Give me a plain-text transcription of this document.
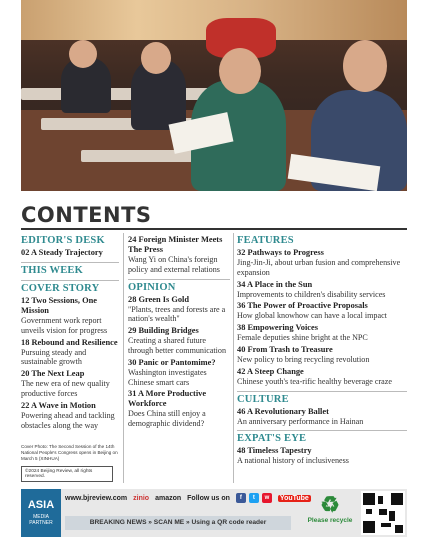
CONTENTS
EDITOR'S DESK
02 A Steady Trajectory
THIS WEEK
COVER STORY
12 Two Sessions, One Mission
Government work report unveils vision for progress
18 Rebound and Resilience
Pursuing steady and sustainable growth
20 The Next Leap
The new era of new quality productive forces
22 A Wave in Motion
Powering ahead and tackling obstacles along the way
Cover Photo: The Second Session of the 14th National People's Congress opens in Beijing on March 5 (XINHUA)
©2024 Beijing Review, all rights reserved.
24 Foreign Minister Meets The Press
Wang Yi on China's foreign policy and external relations
OPINION
28 Green Is Gold
"Plants, trees and forests are a nation's wealth"
29 Building Bridges
Creating a shared future through better communication
30 Panic or Pantomime?
Washington investigates Chinese smart cars
31 A More Productive Workforce
Does China still enjoy a demographic dividend?
FEATURES
32 Pathways to Progress
Jing-Jin-Ji, about urban fusion and comprehensive expansion
34 A Place in the Sun
Improvements to children's disability services
36 The Power of Proactive Proposals
How global knowhow can have a local impact
38 Empowering Voices
Female deputies shine bright at the NPC
40 From Trash to Treasure
New policy to bring recycling revolution
42 A Steep Change
Chinese youth's tea-rific healthy beverage craze
CULTURE
46 A Revolutionary Ballet
An anniversary performance in Hainan
EXPAT'S EYE
48 Timeless Tapestry
A national history of inclusiveness
ASIA
MEDIA PARTNER
www.bjreview.com zinio amazon Follow us on	f	t	w	YouTube
BREAKING NEWS » SCAN ME » Using a QR code reader
♻
Please recycle
